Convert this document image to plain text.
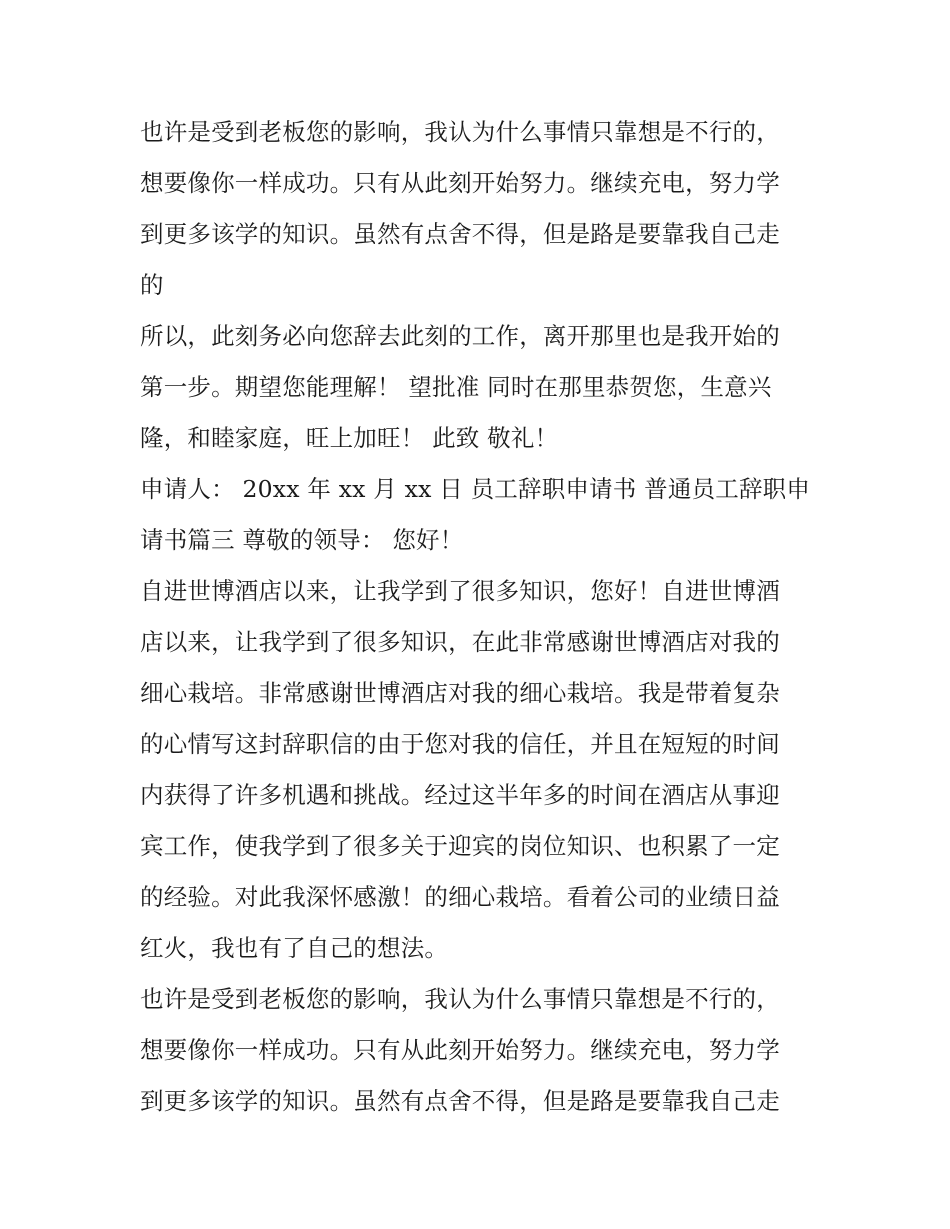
也许是受到老板您的影响，我认为什么事情只靠想是不行的，
想要像你一样成功。只有从此刻开始努力。继续充电，努力学
到更多该学的知识。虽然有点舍不得，但是路是要靠我自己走
的
所以，此刻务必向您辞去此刻的工作，离开那里也是我开始的
第一步。期望您能理解！ 望批准 同时在那里恭贺您，生意兴
隆，和睦家庭，旺上加旺！ 此致 敬礼！
申请人： 20xx 年 xx 月 xx 日 员工辞职申请书 普通员工辞职申
请书篇三 尊敬的领导： 您好！
自进世博酒店以来，让我学到了很多知识，您好！自进世博酒
店以来，让我学到了很多知识，在此非常感谢世博酒店对我的
细心栽培。非常感谢世博酒店对我的细心栽培。我是带着复杂
的心情写这封辞职信的由于您对我的信任，并且在短短的时间
内获得了许多机遇和挑战。经过这半年多的时间在酒店从事迎
宾工作，使我学到了很多关于迎宾的岗位知识、也积累了一定
的经验。对此我深怀感激！的细心栽培。看着公司的业绩日益
红火，我也有了自己的想法。
也许是受到老板您的影响，我认为什么事情只靠想是不行的，
想要像你一样成功。只有从此刻开始努力。继续充电，努力学
到更多该学的知识。虽然有点舍不得，但是路是要靠我自己走
